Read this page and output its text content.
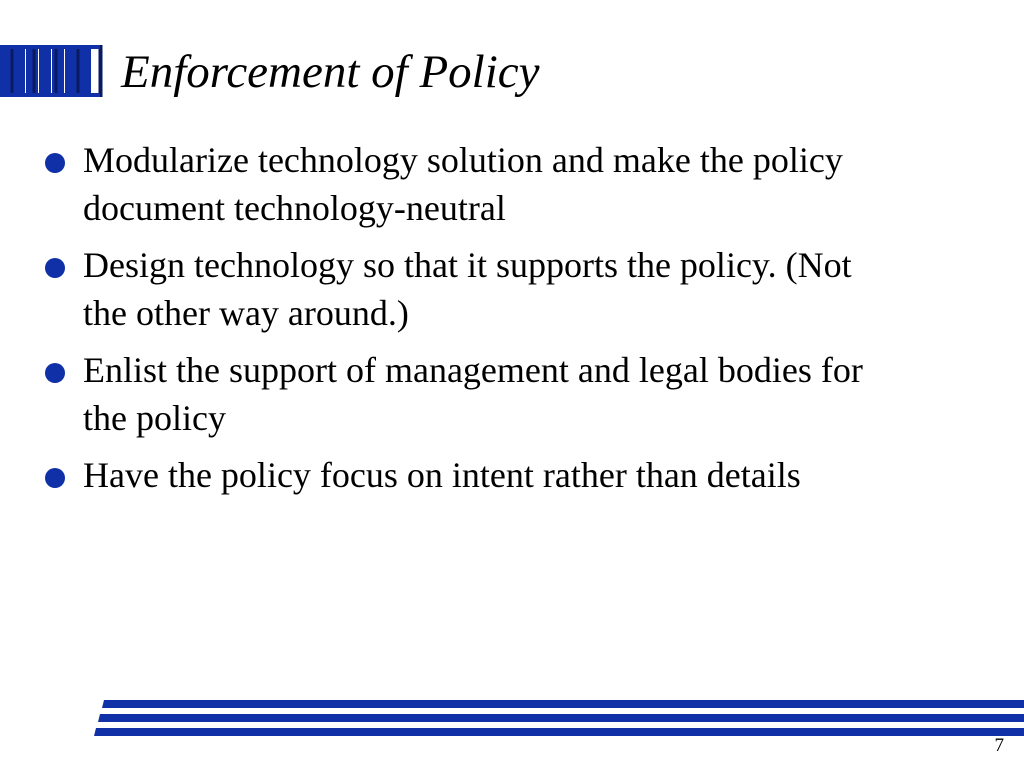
Enforcement of Policy
Modularize technology solution and make the policy
document technology-neutral
Design technology so that it supports the policy. (Not
the other way around.)
Enlist the support of management and legal bodies for
the policy
Have the policy focus on intent rather than details
7
